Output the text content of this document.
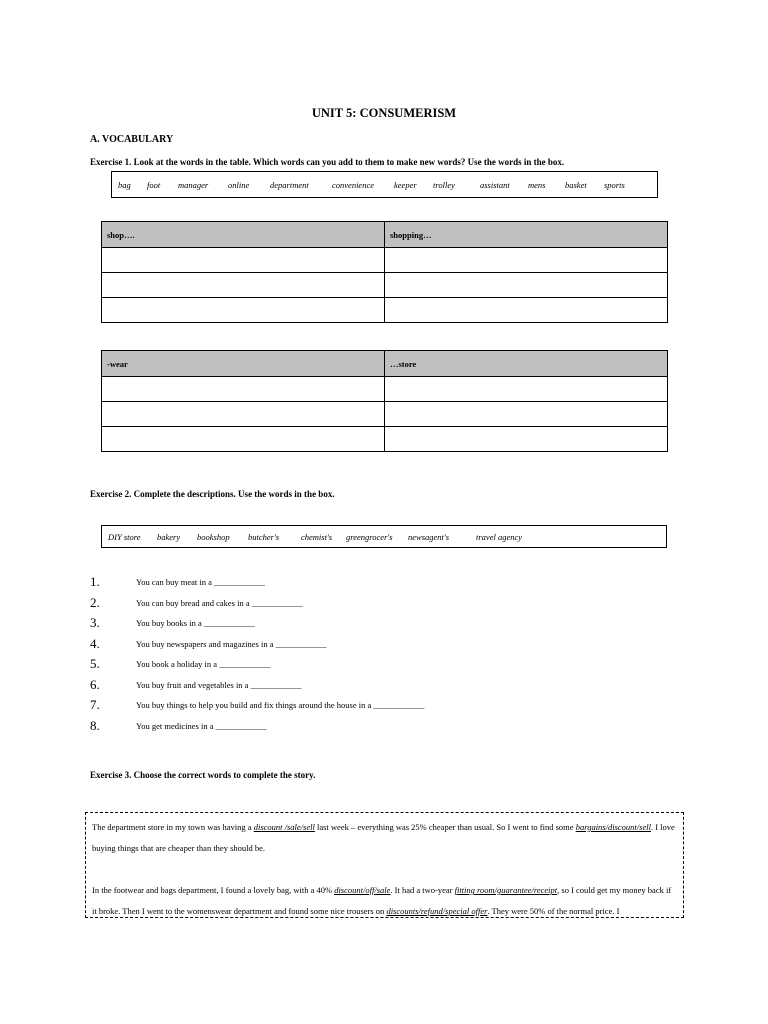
UNIT 5: CONSUMERISM
A. VOCABULARY
Exercise 1. Look at the words in the table. Which words can you add to them to make new words? Use the words in the box.
bag	foot	manager	online	department	convenience	keeper	trolley	assistant	mens	basket	sports
shop….	shopping…

-wear	…store

Exercise 2. Complete the descriptions. Use the words in the box.
DIY store	bakery	bookshop	butcher's	chemist's	greengrocer's	newsagent's	travel agency
1.	You can buy meat in a ____________
2.	You can buy bread and cakes in a ____________
3.	You buy books in a ____________
4.	You buy newspapers and magazines in a ____________
5.	You book a holiday in a ____________
6.	You buy fruit and vegetables in a ____________
7.	You buy things to help you build and fix things around the house in a ____________
8.	You get medicines in a ____________
Exercise 3. Choose the correct words to complete the story.

The department store in my town was having a discount /sale/sell last week – everything was 25% cheaper than usual. So I went to find some bargains/discount/sell. I love buying things that are cheaper than they should be.

In the footwear and bags department, I found a lovely bag, with a 40% discount/off/sale. It had a two-year fitting room/guarantee/receipt, so I could get my money back if it broke. Then I went to the womenswear department and found some nice trousers on discounts/refund/special offer. They were 50% of the normal price. I
